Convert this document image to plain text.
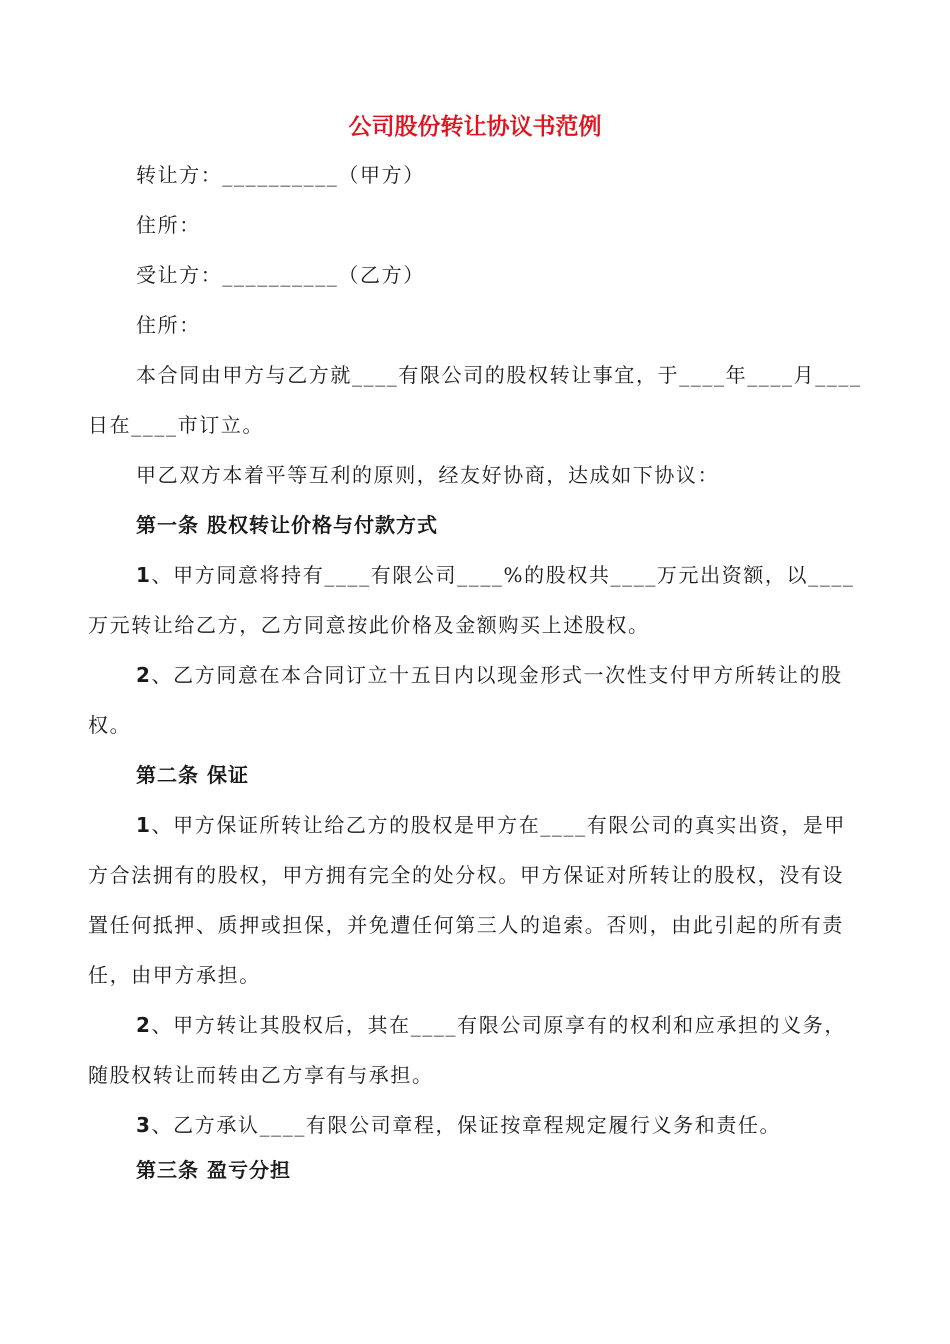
公司股份转让协议书范例
转让方：__________（甲方）
住所：
受让方：__________（乙方）
住所：
本合同由甲方与乙方就____有限公司的股权转让事宜，于____年____月____
日在____市订立。
甲乙双方本着平等互利的原则，经友好协商，达成如下协议：
第一条 股权转让价格与付款方式
1、甲方同意将持有____有限公司____%的股权共____万元出资额，以____
万元转让给乙方，乙方同意按此价格及金额购买上述股权。
2、乙方同意在本合同订立十五日内以现金形式一次性支付甲方所转让的股
权。
第二条 保证
1、甲方保证所转让给乙方的股权是甲方在____有限公司的真实出资，是甲
方合法拥有的股权，甲方拥有完全的处分权。甲方保证对所转让的股权，没有设
置任何抵押、质押或担保，并免遭任何第三人的追索。否则，由此引起的所有责
任，由甲方承担。
2、甲方转让其股权后，其在____有限公司原享有的权利和应承担的义务，
随股权转让而转由乙方享有与承担。
3、乙方承认____有限公司章程，保证按章程规定履行义务和责任。
第三条 盈亏分担
